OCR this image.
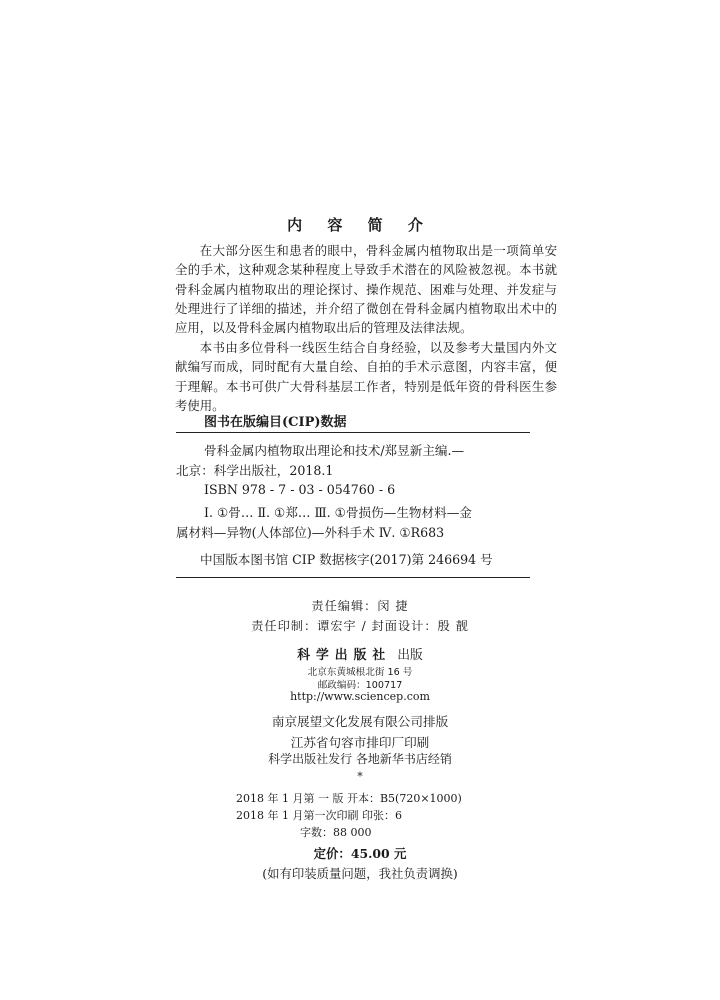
内 容 简 介

在大部分医生和患者的眼中，骨科金属内植物取出是一项简单安全的手术，这种观念某种程度上导致手术潜在的风险被忽视。本书就骨科金属内植物取出的理论探讨、操作规范、困难与处理、并发症与处理进行了详细的描述，并介绍了微创在骨科金属内植物取出术中的应用，以及骨科金属内植物取出后的管理及法律法规。

本书由多位骨科一线医生结合自身经验，以及参考大量国内外文献编写而成，同时配有大量自绘、自拍的手术示意图，内容丰富，便于理解。本书可供广大骨科基层工作者，特别是低年资的骨科医生参考使用。

图书在版编目(CIP)数据
骨科金属内植物取出理论和技术/郑昱新主编.—
北京：科学出版社，2018.1
ISBN 978 - 7 - 03 - 054760 - 6
Ⅰ. ①骨… Ⅱ. ①郑… Ⅲ. ①骨损伤—生物材料—金
属材料—异物(人体部位)—外科手术 Ⅳ. ①R683
中国版本图书馆 CIP 数据核字(2017)第 246694 号
责任编辑：闵 捷
责任印制：谭宏宇 / 封面设计：殷 靓
科学出版社 出版
北京东黄城根北街 16 号
邮政编码：100717
http://www.sciencep.com
南京展望文化发展有限公司排版
江苏省句容市排印厂印刷
科学出版社发行 各地新华书店经销
*
2018 年 1 月第 一 版 开本：B5(720×1000)
2018 年 1 月第一次印刷 印张：6
字数：88 000
定价：45.00 元
(如有印装质量问题，我社负责调换)
